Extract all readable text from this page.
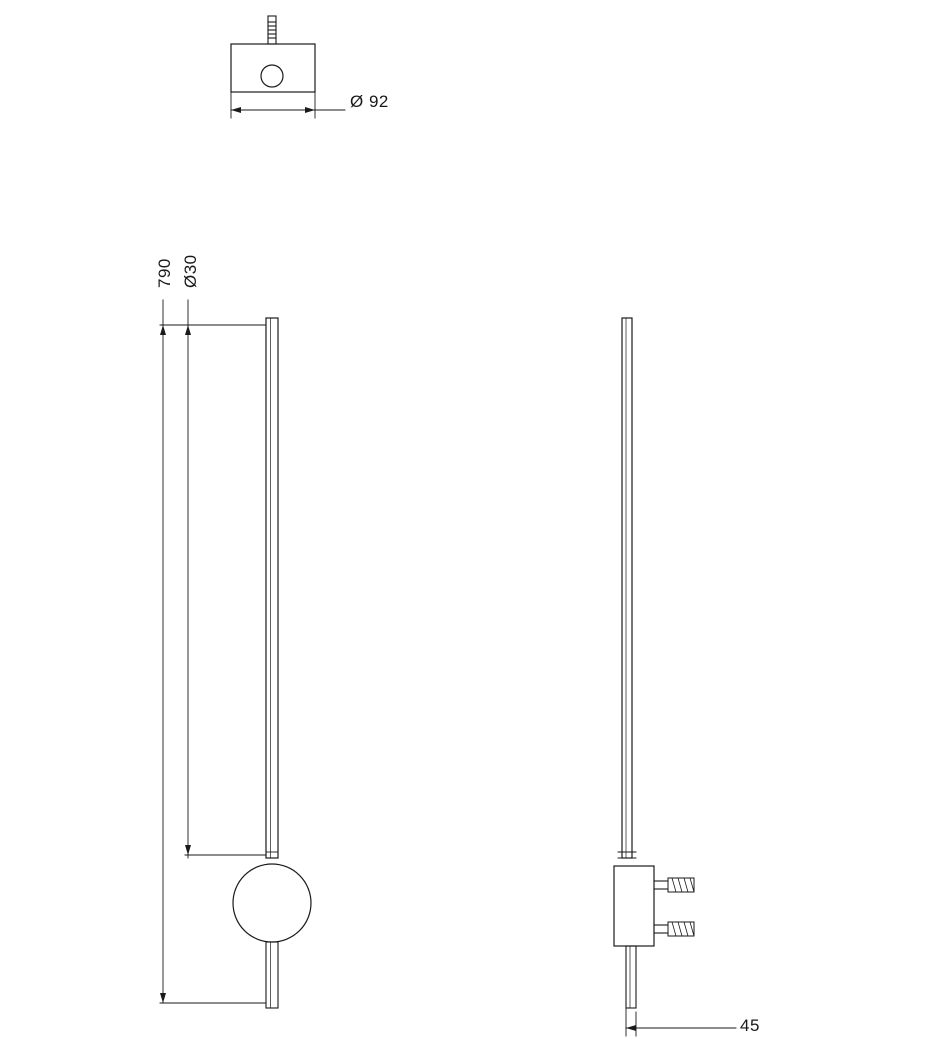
Ø 92
790 Ø30
45
